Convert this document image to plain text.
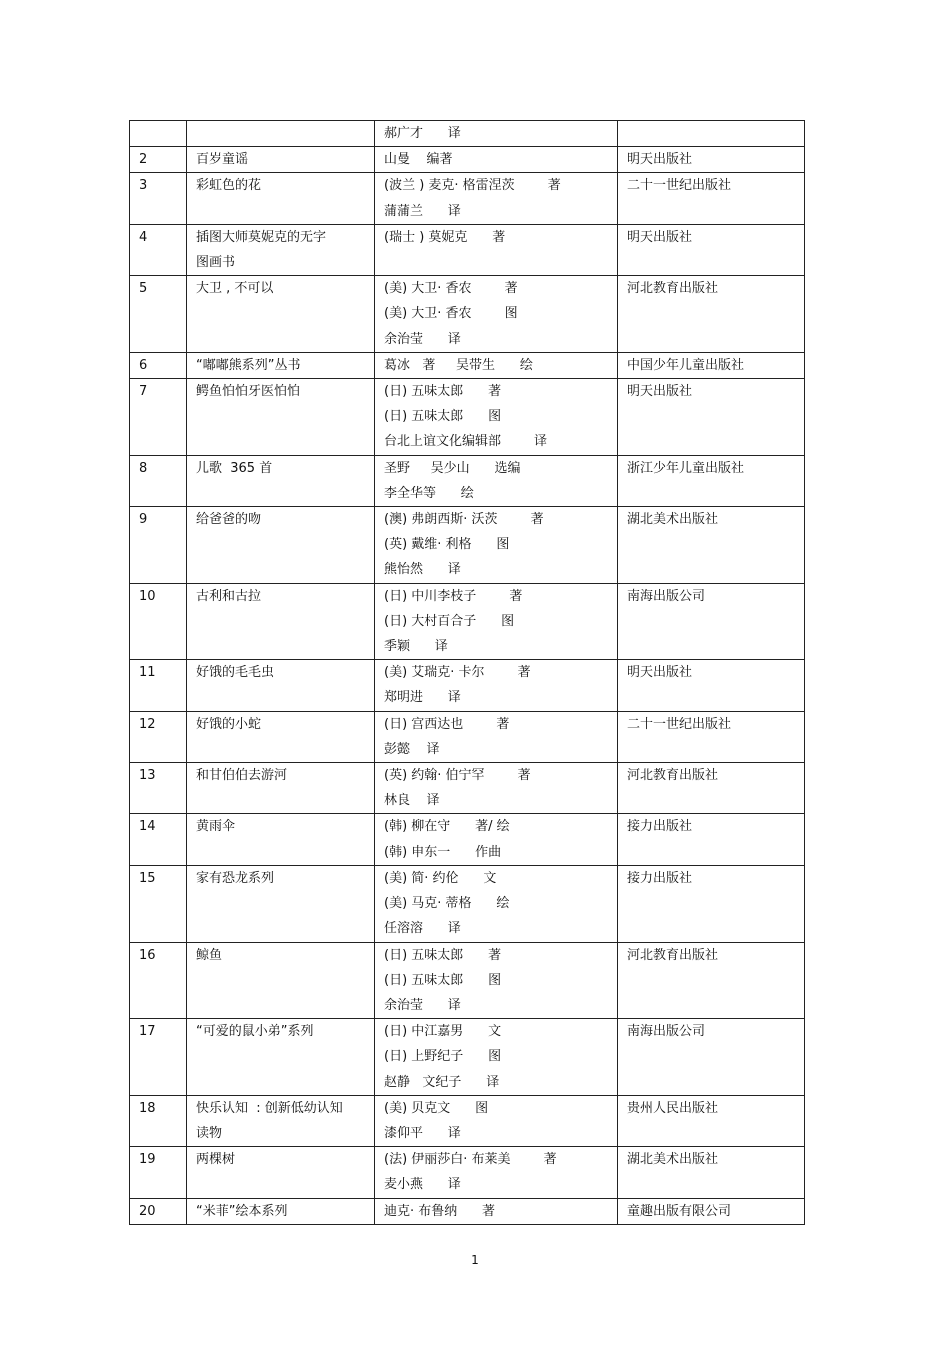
		郝广才      译	

2	百岁童谣	山曼    编著	明天出版社

3	彩虹色的花	(波兰 ) 麦克· 格雷涅茨        著
蒲蒲兰      译	二十一世纪出版社

4	插图大师莫妮克的无字
图画书	(瑞士 ) 莫妮克      著	明天出版社

5	大卫 , 不可以	(美) 大卫· 香农        著
(美) 大卫· 香农        图
余治莹      译	河北教育出版社

6	“嘟嘟熊系列”丛书	葛冰   著     吴带生      绘	中国少年儿童出版社

7	鳄鱼怕怕牙医怕怕	(日) 五味太郎      著
(日) 五味太郎      图
台北上谊文化编辑部        译	明天出版社

8	儿歌  365 首	圣野     吴少山      选编
李全华等      绘	浙江少年儿童出版社

9	给爸爸的吻	(澳) 弗朗西斯· 沃茨        著
(英) 戴维· 利格      图
熊怡然      译	湖北美术出版社

10	古利和古拉	(日) 中川李枝子        著
(日) 大村百合子      图
季颖      译	南海出版公司

11	好饿的毛毛虫	(美) 艾瑞克· 卡尔        著
郑明进      译	明天出版社

12	好饿的小蛇	(日) 宫西达也        著
彭懿    译	二十一世纪出版社

13	和甘伯伯去游河	(英) 约翰· 伯宁罕        著
林良    译	河北教育出版社

14	黄雨伞	(韩) 柳在守      著/ 绘
(韩) 申东一      作曲	接力出版社

15	家有恐龙系列	(美) 简· 约伦      文
(美) 马克· 蒂格      绘
任溶溶      译	接力出版社

16	鲸鱼	(日) 五味太郎      著
(日) 五味太郎      图
余治莹      译	河北教育出版社

17	“可爱的鼠小弟”系列	(日) 中江嘉男      文
(日) 上野纪子      图
赵静   文纪子      译	南海出版公司

18	快乐认知  : 创新低幼认知
读物	(美) 贝克文      图
漆仰平      译	贵州人民出版社

19	两棵树	(法) 伊丽莎白· 布莱美        著
麦小燕      译	湖北美术出版社

20	“米菲”绘本系列	迪克· 布鲁纳      著	童趣出版有限公司
1
